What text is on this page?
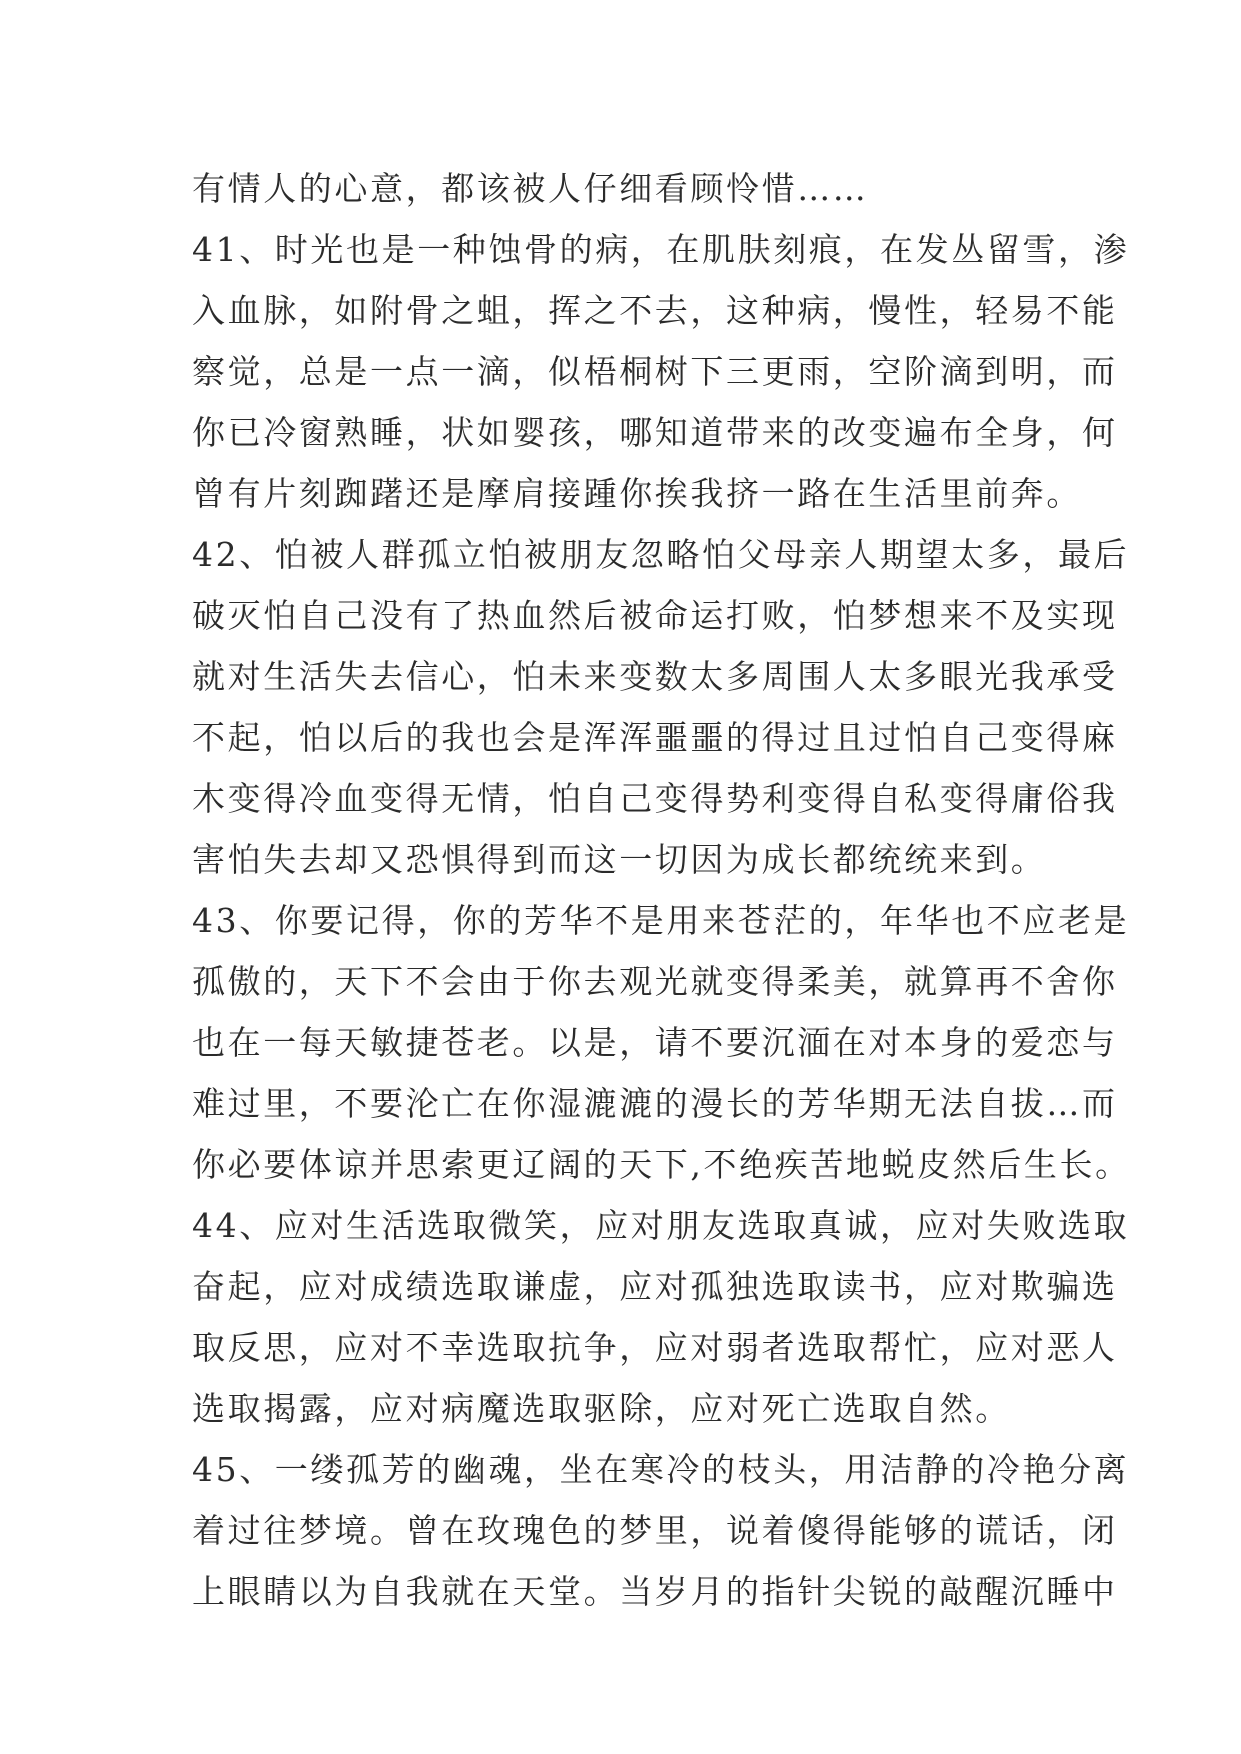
有情人的心意，都该被人仔细看顾怜惜……
41、时光也是一种蚀骨的病，在肌肤刻痕，在发丛留雪，渗
入血脉，如附骨之蛆，挥之不去，这种病，慢性，轻易不能
察觉，总是一点一滴，似梧桐树下三更雨，空阶滴到明，而
你已冷窗熟睡，状如婴孩，哪知道带来的改变遍布全身，何
曾有片刻踟躇还是摩肩接踵你挨我挤一路在生活里前奔。
42、怕被人群孤立怕被朋友忽略怕父母亲人期望太多，最后
破灭怕自己没有了热血然后被命运打败，怕梦想来不及实现
就对生活失去信心，怕未来变数太多周围人太多眼光我承受
不起，怕以后的我也会是浑浑噩噩的得过且过怕自己变得麻
木变得冷血变得无情，怕自己变得势利变得自私变得庸俗我
害怕失去却又恐惧得到而这一切因为成长都统统来到。
43、你要记得，你的芳华不是用来苍茫的，年华也不应老是
孤傲的，天下不会由于你去观光就变得柔美，就算再不舍你
也在一每天敏捷苍老。以是，请不要沉湎在对本身的爱恋与
难过里，不要沦亡在你湿漉漉的漫长的芳华期无法自拔…而
你必要体谅并思索更辽阔的天下,不绝疾苦地蜕皮然后生长。
44、应对生活选取微笑，应对朋友选取真诚，应对失败选取
奋起，应对成绩选取谦虚，应对孤独选取读书，应对欺骗选
取反思，应对不幸选取抗争，应对弱者选取帮忙，应对恶人
选取揭露，应对病魔选取驱除，应对死亡选取自然。
45、一缕孤芳的幽魂，坐在寒冷的枝头，用洁静的冷艳分离
着过往梦境。曾在玫瑰色的梦里，说着傻得能够的谎话，闭
上眼睛以为自我就在天堂。当岁月的指针尖锐的敲醒沉睡中
